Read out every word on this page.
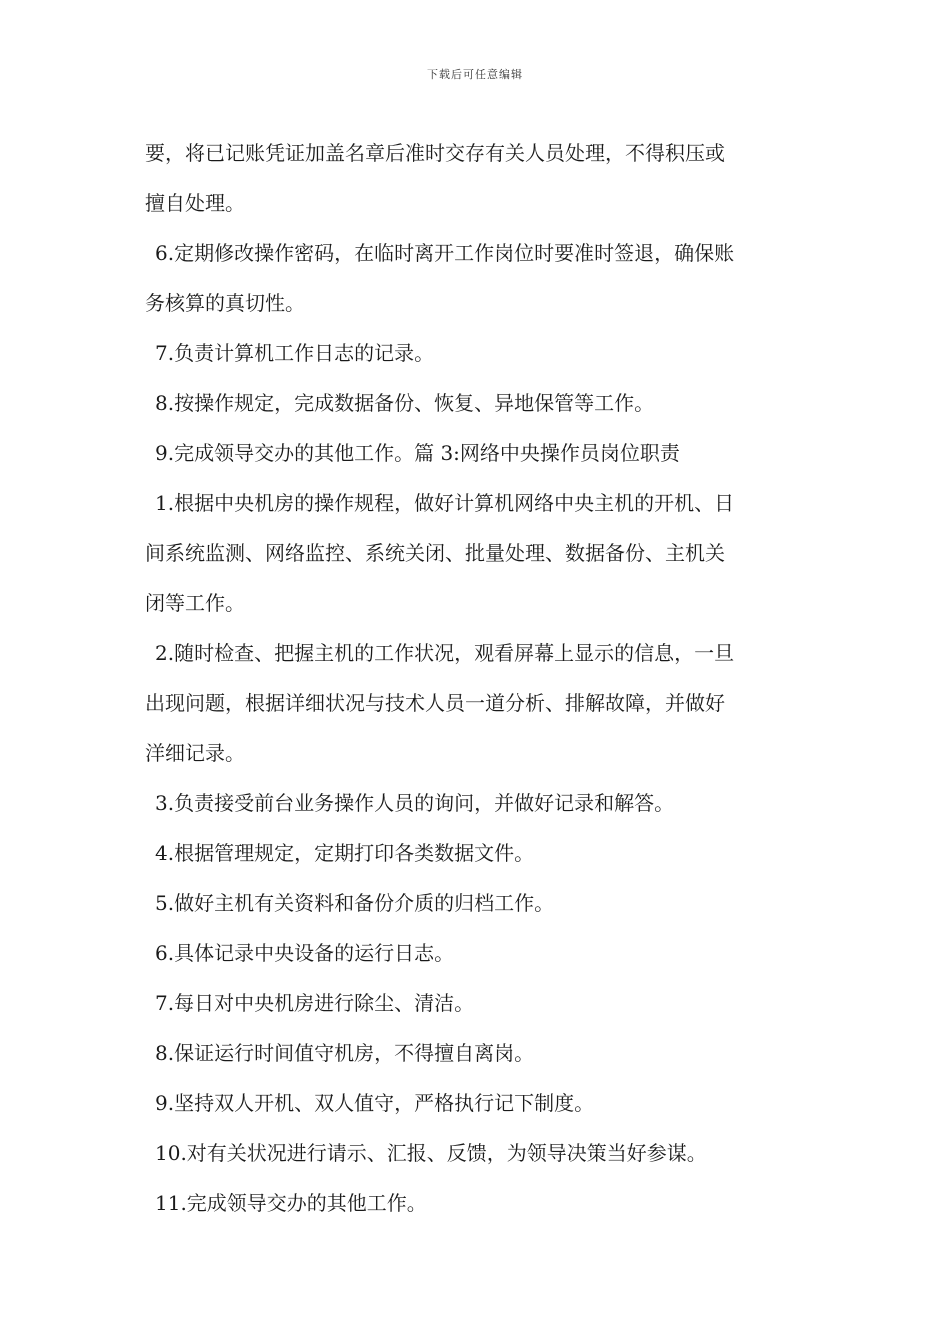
下载后可任意编辑
要，将已记账凭证加盖名章后准时交存有关人员处理，不得积压或
擅自处理。
6.定期修改操作密码，在临时离开工作岗位时要准时签退，确保账
务核算的真切性。
7.负责计算机工作日志的记录。
8.按操作规定，完成数据备份、恢复、异地保管等工作。
9.完成领导交办的其他工作。篇 3:网络中央操作员岗位职责
1.根据中央机房的操作规程，做好计算机网络中央主机的开机、日
间系统监测、网络监控、系统关闭、批量处理、数据备份、主机关
闭等工作。
2.随时检查、把握主机的工作状况，观看屏幕上显示的信息，一旦
出现问题，根据详细状况与技术人员一道分析、排解故障，并做好
洋细记录。
3.负责接受前台业务操作人员的询问，并做好记录和解答。
4.根据管理规定，定期打印各类数据文件。
5.做好主机有关资料和备份介质的归档工作。
6.具体记录中央设备的运行日志。
7.每日对中央机房进行除尘、清洁。
8.保证运行时间值守机房，不得擅自离岗。
9.坚持双人开机、双人值守，严格执行记下制度。
10.对有关状况进行请示、汇报、反馈，为领导决策当好参谋。
11.完成领导交办的其他工作。
